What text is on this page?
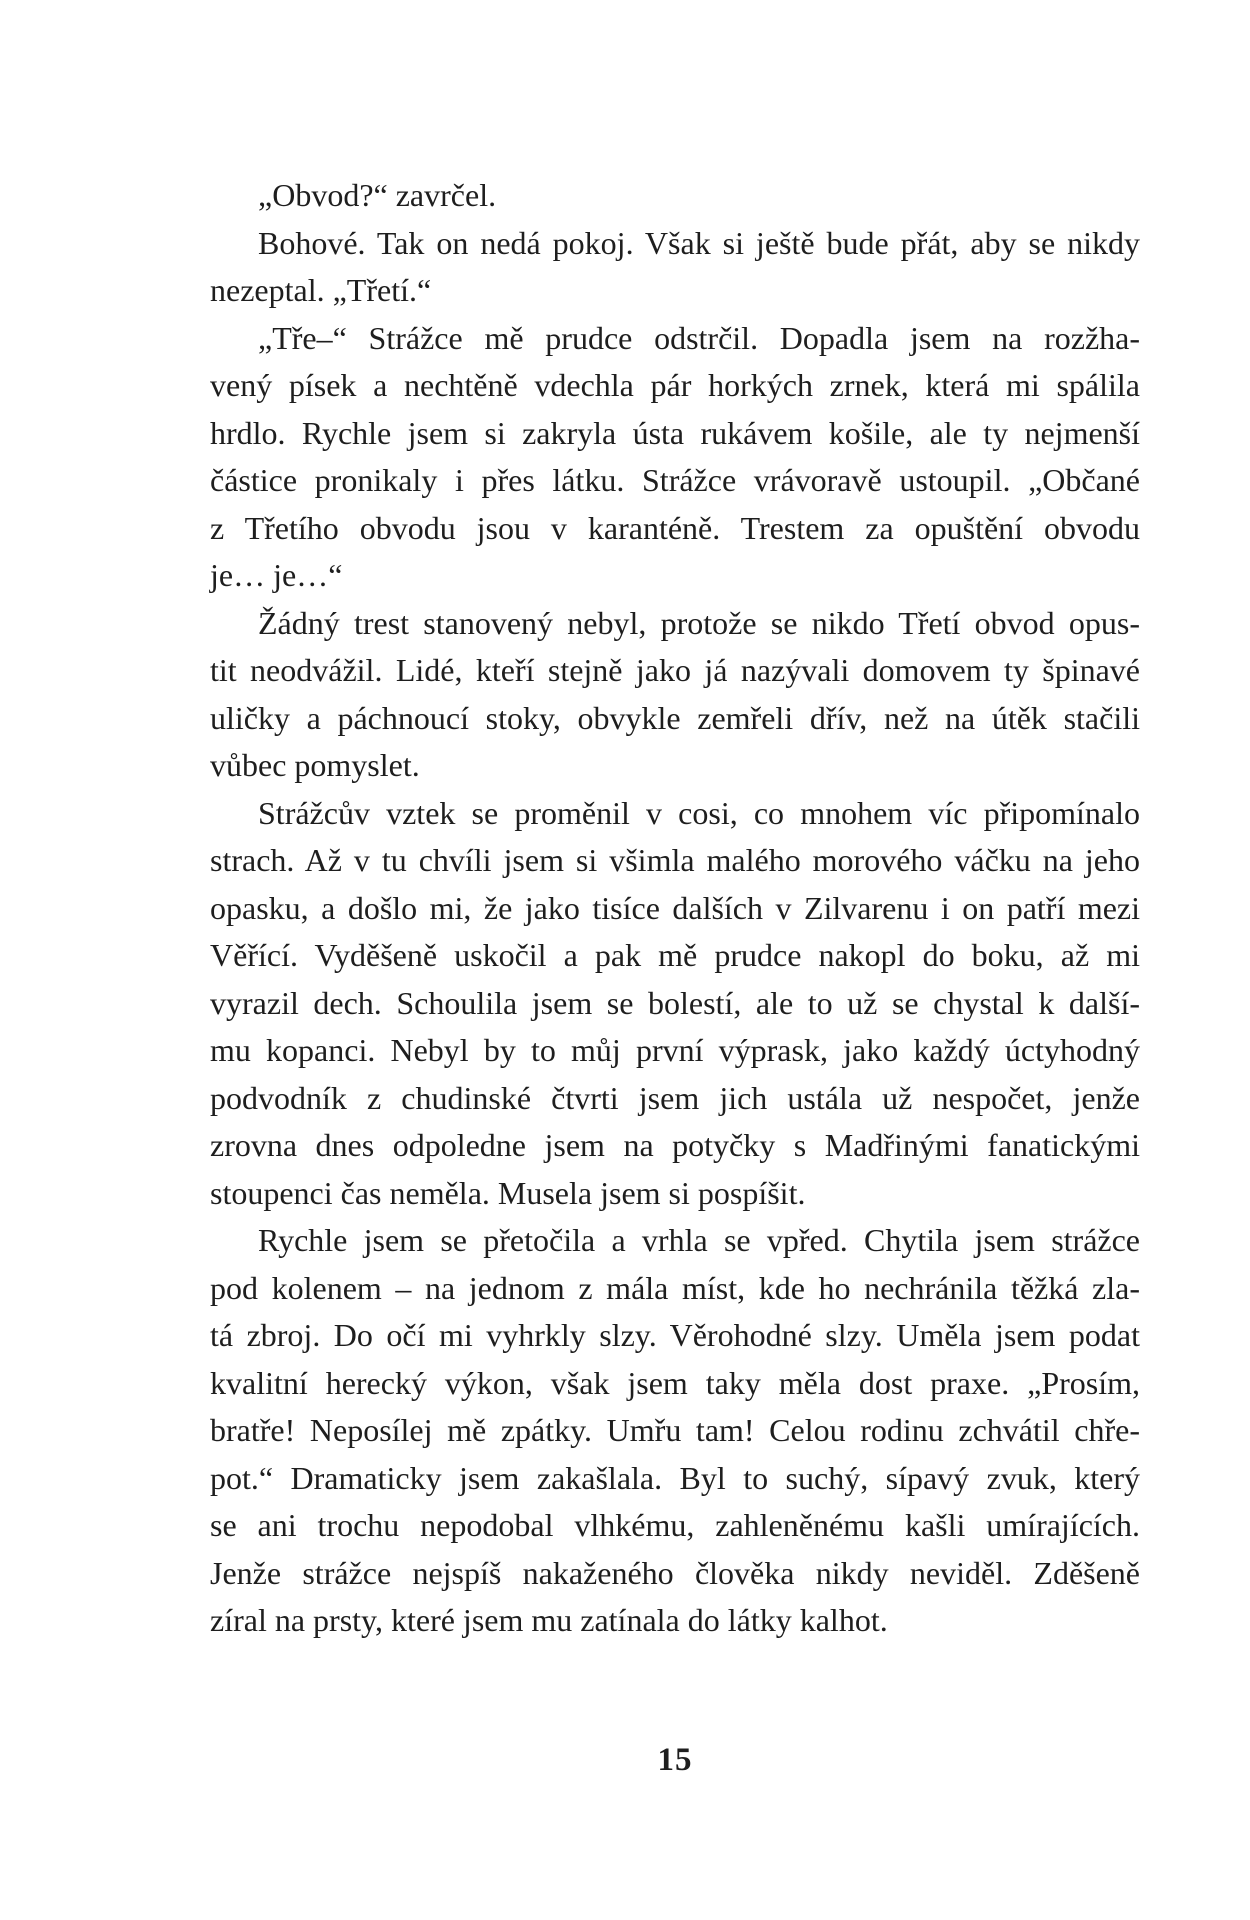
„Obvod?“ zavrčel.

Bohové. Tak on nedá pokoj. Však si ještě bude přát, aby se nikdy
nezeptal. „Třetí.“

„Tře–“ Strážce mě prudce odstrčil. Dopadla jsem na rozžha-
vený písek a nechtěně vdechla pár horkých zrnek, která mi spálila
hrdlo. Rychle jsem si zakryla ústa rukávem košile, ale ty nejmenší
částice pronikaly i přes látku. Strážce vrávoravě ustoupil. „Občané
z Třetího obvodu jsou v karanténě. Trestem za opuštění obvodu
je… je…“

Žádný trest stanovený nebyl, protože se nikdo Třetí obvod opus-
tit neodvážil. Lidé, kteří stejně jako já nazývali domovem ty špinavé
uličky a páchnoucí stoky, obvykle zemřeli dřív, než na útěk stačili
vůbec pomyslet.

Strážcův vztek se proměnil v cosi, co mnohem víc připomínalo
strach. Až v tu chvíli jsem si všimla malého morového váčku na jeho
opasku, a došlo mi, že jako tisíce dalších v Zilvarenu i on patří mezi
Věřící. Vyděšeně uskočil a pak mě prudce nakopl do boku, až mi
vyrazil dech. Schoulila jsem se bolestí, ale to už se chystal k další-
mu kopanci. Nebyl by to můj první výprask, jako každý úctyhodný
podvodník z chudinské čtvrti jsem jich ustála už nespočet, jenže
zrovna dnes odpoledne jsem na potyčky s Madřinými fanatickými
stoupenci čas neměla. Musela jsem si pospíšit.

Rychle jsem se přetočila a vrhla se vpřed. Chytila jsem strážce
pod kolenem – na jednom z mála míst, kde ho nechránila těžká zla-
tá zbroj. Do očí mi vyhrkly slzy. Věrohodné slzy. Uměla jsem podat
kvalitní herecký výkon, však jsem taky měla dost praxe. „Prosím,
bratře! Neposílej mě zpátky. Umřu tam! Celou rodinu zchvátil chře-
pot.“ Dramaticky jsem zakašlala. Byl to suchý, sípavý zvuk, který
se ani trochu nepodobal vlhkému, zahleněnému kašli umírajících.
Jenže strážce nejspíš nakaženého člověka nikdy neviděl. Zděšeně
zíral na prsty, které jsem mu zatínala do látky kalhot.

15
